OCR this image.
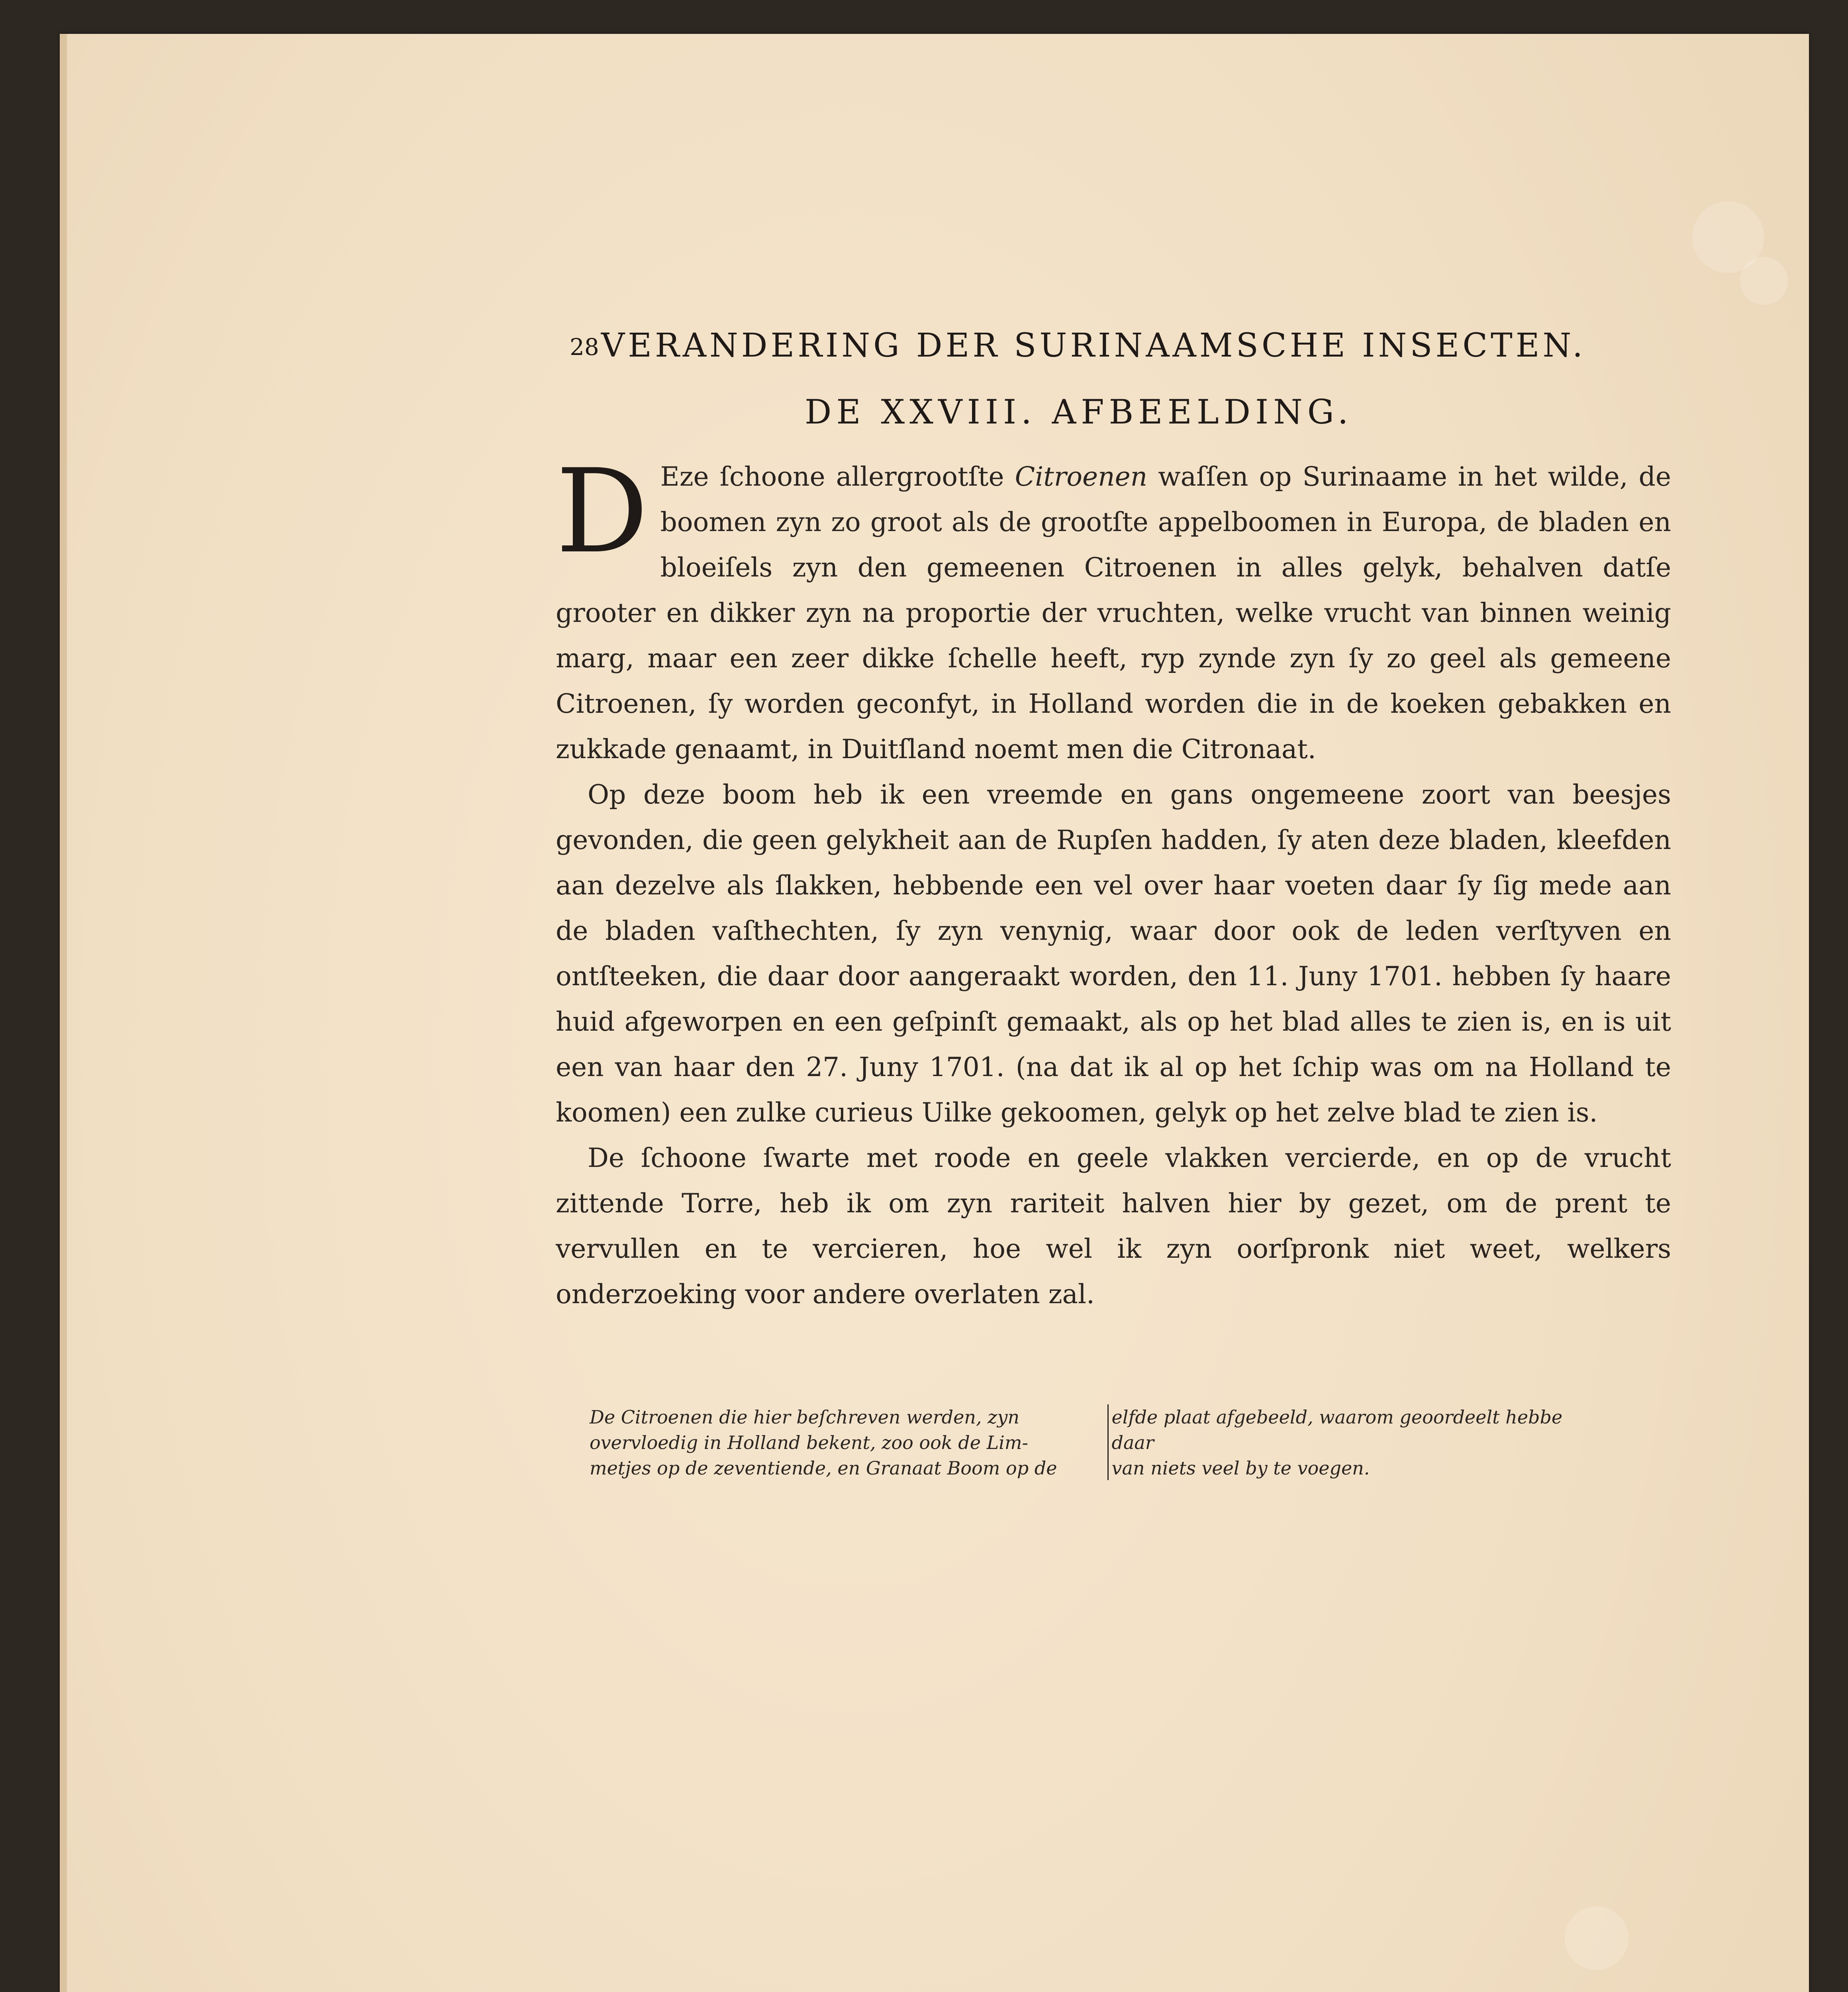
28 VERANDERING DER SURINAAMSCHE INSECTEN.
DE XXVIII. AFBEELDING.

D Eze ſchoone allergrootſte Citroenen waſſen op Surinaame in het wilde, de boomen zyn zo groot als de grootſte appelboomen in Europa, de bladen en bloeiſels zyn den gemeenen Citroenen in alles gelyk, behalven datſe grooter en dikker zyn na proportie der vruchten, welke vrucht van binnen weinig marg, maar een zeer dikke ſchelle heeft, ryp zynde zyn ſy zo geel als gemeene Citroenen, ſy worden geconfyt, in Holland worden die in de koeken gebakken en zukkade genaamt, in Duitſland noemt men die Citronaat.

Op deze boom heb ik een vreemde en gans ongemeene zoort van beesjes gevonden, die geen gelykheit aan de Rupſen hadden, ſy aten deze bladen, kleefden aan dezelve als ſlakken, hebbende een vel over haar voeten daar ſy ſig mede aan de bladen vaſthechten, ſy zyn venynig, waar door ook de leden verſtyven en ontſteeken, die daar door aangeraakt worden, den 11. Juny 1701. hebben ſy haare huid afgeworpen en een geſpinſt gemaakt, als op het blad alles te zien is, en is uit een van haar den 27. Juny 1701. (na dat ik al op het ſchip was om na Holland te koomen) een zulke curieus Uilke gekoomen, gelyk op het zelve blad te zien is.

De ſchoone ſwarte met roode en geele vlakken vercierde, en op de vrucht zittende Torre, heb ik om zyn rariteit halven hier by gezet, om de prent te vervullen en te vercieren, hoe wel ik zyn oorſpronk niet weet, welkers onderzoeking voor andere overlaten zal.

De Citroenen die hier beſchreven werden, zyn
overvloedig in Holland bekent, zoo ook de Lim-
metjes op de zeventiende, en Granaat Boom op de
elfde plaat afgebeeld, waarom geoordeelt hebbe daar
van niets veel by te voegen.
